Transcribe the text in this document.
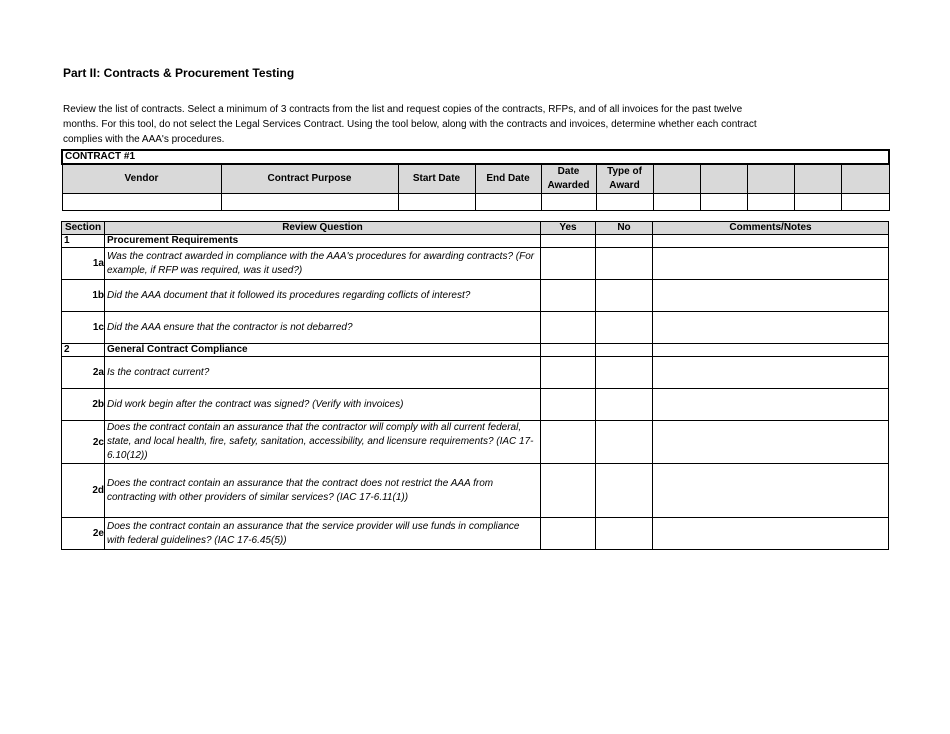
Part II: Contracts & Procurement Testing
Review the list of contracts. Select a minimum of 3 contracts from the list and request copies of the contracts, RFPs, and of all invoices for the past twelve months. For this tool, do not select the Legal Services Contract. Using the tool below, along with the contracts and invoices, determine whether each contract complies with the AAA's procedures.
CONTRACT #1										
Vendor	Contract Purpose	Start Date	End Date	Date Awarded	Type of Award					

Section	Review Question	Yes	No	Comments/Notes
1	Procurement Requirements			
1a	Was the contract awarded in compliance with the AAA's procedures for awarding contracts? (For example, if RFP was required, was it used?)			
1b	Did the AAA document that it followed its procedures regarding coflicts of interest?			
1c	Did the AAA ensure that the contractor is not debarred?			
2	General Contract Compliance			
2a	Is the contract current?			
2b	Did work begin after the contract was signed? (Verify with invoices)			
2c	Does the contract contain an assurance that the contractor will comply with all current federal, state, and local health, fire, safety, sanitation, accessibility, and licensure requirements? (IAC 17-6.10(12))			
2d	Does the contract contain an assurance that the contract does not restrict the AAA from contracting with other providers of similar services? (IAC 17-6.11(1))			
2e	Does the contract contain an assurance that the service provider will use funds in compliance with federal guidelines? (IAC 17-6.45(5))			
